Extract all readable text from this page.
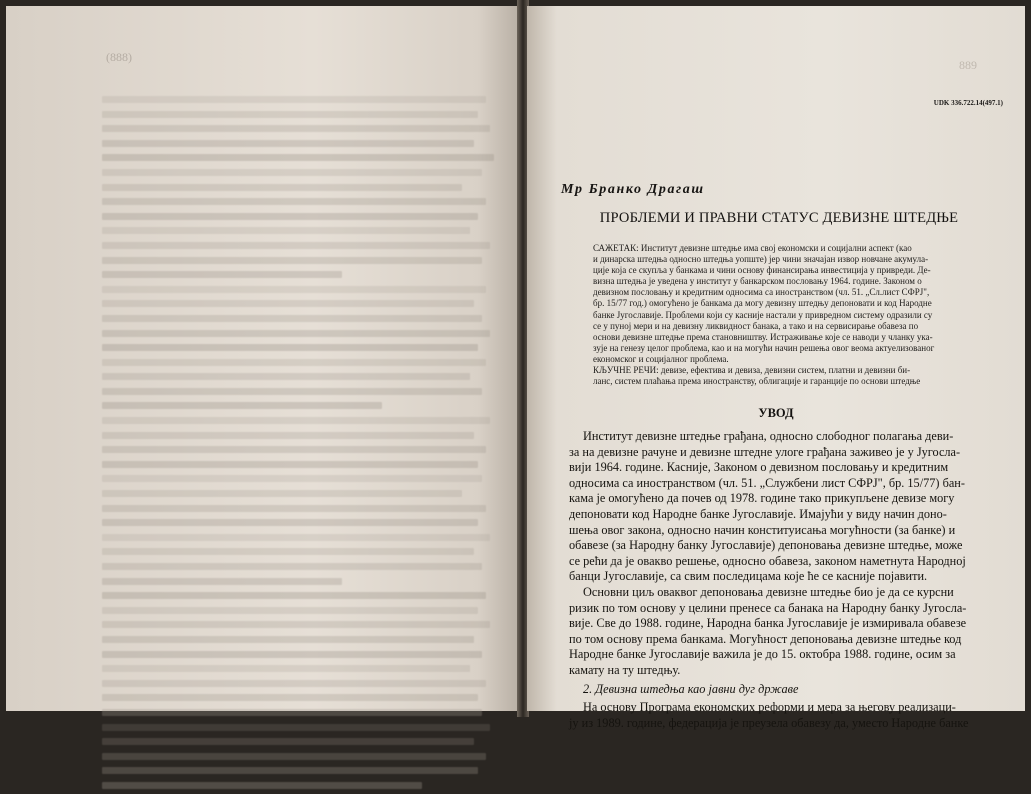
(888)
889
UDK 336.722.14(497.1)
Мр Бранко Драгаш
ПРОБЛЕМИ И ПРАВНИ СТАТУС ДЕВИЗНЕ ШТЕДЊЕ
САЖЕТАК: Институт девизне штедње има свој економски и социјални аспект (као
и динарска штедња односно штедња уопште) јер чини значајан извор новчане акумула-
ције која се скупља у банкама и чини основу финансирања инвестиција у привреди. Де-
визна штедња је уведена у институт у банкарском пословању 1964. године. Законом о
девизном пословању и кредитним односима са иностранством (чл. 51. „Сл.лист СФРЈ",
бр. 15/77 год.) омогућено је банкама да могу девизну штедњу депоновати и код Народне
банке Југославије. Проблеми који су касније настали у привредном систему одразили су
се у пуној мери и на девизну ликвидност банака, а тако и на сервисирање обавеза по
основи девизне штедње према становништву. Истраживање које се наводи у чланку ука-
зује на генезу целог проблема, као и на могући начин решења овог веома актуелизованог
економског и социјалног проблема.
КЉУЧНЕ РЕЧИ: девизе, ефектива и девиза, девизни систем, платни и девизни би-
ланс, систем плаћања према иностранству, облигације и гаранције по основи штедње
УВОД
Институт девизне штедње грађана, односно слободног полагања деви-
за на девизне рачуне и девизне штедне улоге грађана заживео је у Југосла-
вији 1964. године. Касније, Законом о девизном пословању и кредитним
односима са иностранством (чл. 51. „Службени лист СФРЈ", бр. 15/77) бан-
кама је омогућено да почев од 1978. године тако прикупљене девизе могу
депоновати код Народне банке Југославије. Имајући у виду начин доно-
шења овог закона, односно начин конституисања могућности (за банке) и
обавезе (за Народну банку Југославије) депоновања девизне штедње, може
се рећи да је овакво решење, односно обавеза, законом наметнута Народној
банци Југославије, са свим последицама које ће се касније појавити.
Основни циљ оваквог депоновања девизне штедње био је да се курсни
ризик по том основу у целини пренесе са банака на Народну банку Југосла-
вије. Све до 1988. године, Народна банка Југославије је измиривала обавезе
по том основу према банкама. Могућност депоновања девизне штедње код
Народне банке Југославије важила је до 15. октобра 1988. године, осим за
камату на ту штедњу.
2. Девизна штедња као јавни дуг државе
На основу Програма економских реформи и мера за његову реализаци-
ју из 1989. године, федерација је преузела обавезу да, уместо Народне банке
